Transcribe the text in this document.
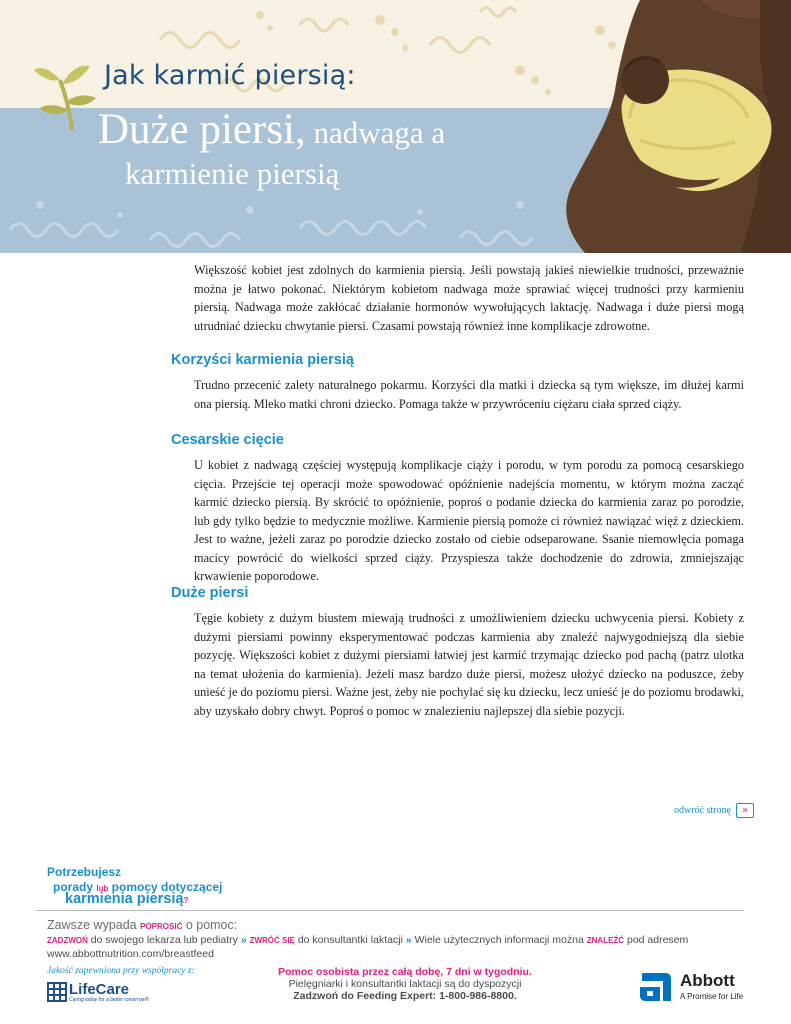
Jak karmić piersią:
Duże piersi, nadwaga a
karmienie piersią

Większość kobiet jest zdolnych do karmienia piersią. Jeśli powstają jakieś niewielkie trudności, przeważnie można je łatwo pokonać. Niektórym kobietom nadwaga może sprawiać więcej trudności przy karmieniu piersią. Nadwaga może zakłócać działanie hormonów wywołujących laktację. Nadwaga i duże piersi mogą utrudniać dziecku chwytanie piersi. Czasami powstają również inne komplikacje zdrowotne.

Korzyści karmienia piersią

Trudno przecenić zalety naturalnego pokarmu. Korzyści dla matki i dziecka są tym większe, im dłużej karmi ona piersią. Mleko matki chroni dziecko. Pomaga także w przywróceniu ciężaru ciała sprzed ciąży.

Cesarskie cięcie

U kobiet z nadwagą częściej występują komplikacje ciąży i porodu, w tym porodu za pomocą cesarskiego cięcia. Przejście tej operacji może spowodować opóźnienie nadejścia momentu, w którym można zacząć karmić dziecko piersią. By skrócić to opóźnienie, poproś o podanie dziecka do karmienia zaraz po porodzie, lub gdy tylko będzie to medycznie możliwe. Karmienie piersią pomoże ci również nawiązać więź z dzieckiem. Jest to ważne, jeżeli zaraz po porodzie dziecko zostało od ciebie odseparowane. Ssanie niemowlęcia pomaga macicy powrócić do wielkości sprzed ciąży. Przyspiesza także dochodzenie do zdrowia, zmniejszając krwawienie poporodowe.

Duże piersi

Tęgie kobiety z dużym biustem miewają trudności z umożliwieniem dziecku uchwycenia piersi. Kobiety z dużymi piersiami powinny eksperymentować podczas karmienia aby znaleźć najwygodniejszą dla siebie pozycję. Większości kobiet z dużymi piersiami łatwiej jest karmić trzymając dziecko pod pachą (patrz ulotka na temat ułożenia do karmienia). Jeżeli masz bardzo duże piersi, możesz ułożyć dziecko na poduszce, żeby unieść je do poziomu piersi. Ważne jest, żeby nie pochylać się ku dziecku, lecz unieść je do poziomu brodawki, aby uzyskało dobry chwyt. Poproś o pomoc w znalezieniu najlepszej dla siebie pozycji.

odwróć stronę	»

Potrzebujesz

porady lub pomocy dotyczącej

karmienia piersią?

Zawsze wypada POPROSIĆ o pomoc:

ZADZWOŃ do swojego lekarza lub pediatry » ZWRÓĆ SIĘ do konsultantki laktacji » Wiele użytecznych informacji można ZNALEŹĆ pod adresem

www.abbottnutrition.com/breastfeed

Jakość zapewniona przy współpracy z:

LifeCare
Caring today for a better tomorrow®
Pomoc osobista przez całą dobę, 7 dni w tygodniu.
Pielęgniarki i konsultantki laktacji są do dyspozycji
Zadzwoń do Feeding Expert: 1-800-986-8800.
Abbott
A Promise for Life
